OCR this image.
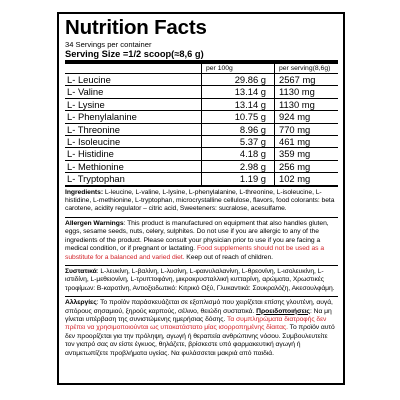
Nutrition Facts
34 Servings per container
Serving Size =1/2 scoop(≈8,6 g)
	per 100g	per serving(8,6g)
L- Leucine	29.86 g	2567 mg
L- Valine	13.14 g	1130 mg
L- Lysine	13.14 g	1130 mg
L- Phenylalanine	10.75 g	924 mg
L- Threonine	8.96 g	770 mg
L- Isoleucine	5.37 g	461 mg
L- Histidine	4.18 g	359 mg
L- Methionine	2.98 g	256 mg
L- Tryptophan	1.19 g	102 mg
Ingredients: L-leucine, L-valine, L-lysine, L-phenylalanine, L-threonine, L-isoleucine, L-histidine, L-methionine, L-tryptophan, microcrystalline cellulose, flavors, food colorants: beta carotene, acidity regulator – citric acid, Sweeteners: sucralose, acesulfame.
Allergen Warnings: This product is manufactured on equipment that also handles gluten, eggs, sesame seeds, nuts, celery, sulphites. Do not use if you are allergic to any of the ingredients of the product. Please consult your physician prior to use if you are facing a medical condition, or if pregnant or lactating. Food supplements should not be used as a substitute for a balanced and varied diet. Keep out of reach of children.
Συστατικά: L-λευκίνη, L-βαλίνη, L-λυσίνη, L-φαινυλαλανίνη, L-θρεονίνη, L-ισολευκίνη, L-ιστιδίνη, L-μεθειονίνη, L-τρυπτοφάνη, μικροκρυσταλλική κυτταρίνη, αρώματα, Χρωστικές τροφίμων: Β-καροτίνη, Αντιοξειδωτικό: Κιτρικό Οξύ, Γλυκαντικά: Σουκραλόζη, Ακεσουλφάμη.
Αλλεργίες: Το προϊόν παράσκευάζεται σε εξοπλισμό που χειρίζεται επίσης γλουτένη, αυγά, σπόρους σησαμιού, ξηρούς καρπούς, σέλινο, θειώδη συστατικά. Προειδοποιήσεις: Να μη γίνεται υπέρβαση της συνιστώμενης ημερήσιας δόσης. Τα συμπληρώματα διατροφής δεν πρέπει να χρησιμοποιούνται ως υποκατάστατο μίας ισορροπημένης δίαιτας. Το προϊόν αυτό δεν προορίζεται για την πρόληψη, αγωγή ή θεραπεία ανθρώπινης νόσου. Συμβουλευτείτε τον γιατρό σας αν είστε έγκυος, θηλάζετε, βρίσκεστε υπό φαρμακευτική αγωγή ή αντιμετωπίζετε προβλήματα υγείας. Να φυλάσσεται μακριά από παιδιά.
